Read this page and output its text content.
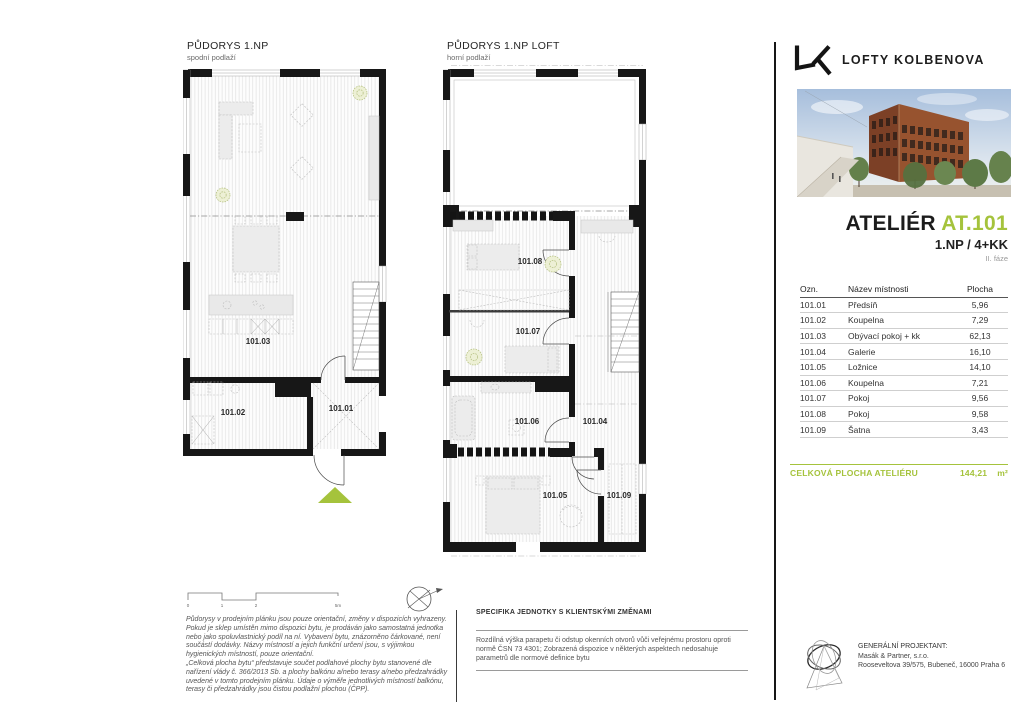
PŮDORYS 1.NP
spodní podlaží
PŮDORYS 1.NP LOFT
horní podlaží
101.03
101.02	101.01
101.08
101.07
101.06	101.04
101.05	101.09
0	1	2	5m

Půdorysy v prodejním plánku jsou pouze orientační, změny v dispozicích vyhrazeny. Pokud je sklep umístěn mimo dispozici bytu, je prodáván jako samostatná jednotka nebo jako spoluvlastnický podíl na ní. Vybavení bytu, znázorněno čárkované, není součástí dodávky. Názvy místností a jejich funkční určení jsou, s výjimkou hygienických místností, pouze orientační.

„Celková plocha bytu“ představuje součet podlahové plochy bytu stanovené dle nařízení vlády č. 366/2013 Sb. a plochy balkónu a/nebo terasy a/nebo předzahrádky uvedené v tomto prodejním plánku. Údaje o výměře jednotlivých místností balkónu, terasy či předzahrádky jsou čistou podlažní plochou (ČPP).

SPECIFIKA JEDNOTKY S KLIENTSKÝMI ZMĚNAMI
Rozdílná výška parapetu či odstup okenních otvorů vůči veřejnému prostoru oproti normě ČSN 73 4301; Zobrazená dispozice v některých aspektech nedosahuje parametrů dle normové definice bytu
LOFTY KOLBENOVA
ATELIÉR AT.101
1.NP / 4+KK
II. fáze
Ozn.	Název místnosti	Plocha
101.01	Předsíň	5,96
101.02	Koupelna	7,29
101.03	Obývací pokoj + kk	62,13
101.04	Galerie	16,10
101.05	Ložnice	14,10
101.06	Koupelna	7,21
101.07	Pokoj	9,56
101.08	Pokoj	9,58
101.09	Šatna	3,43
CELKOVÁ PLOCHA ATELIÉRU	144,21 m²
GENERÁLNÍ PROJEKTANT:
Masák & Partner, s.r.o.
Rooseveltova 39/575, Bubeneč, 16000 Praha 6
